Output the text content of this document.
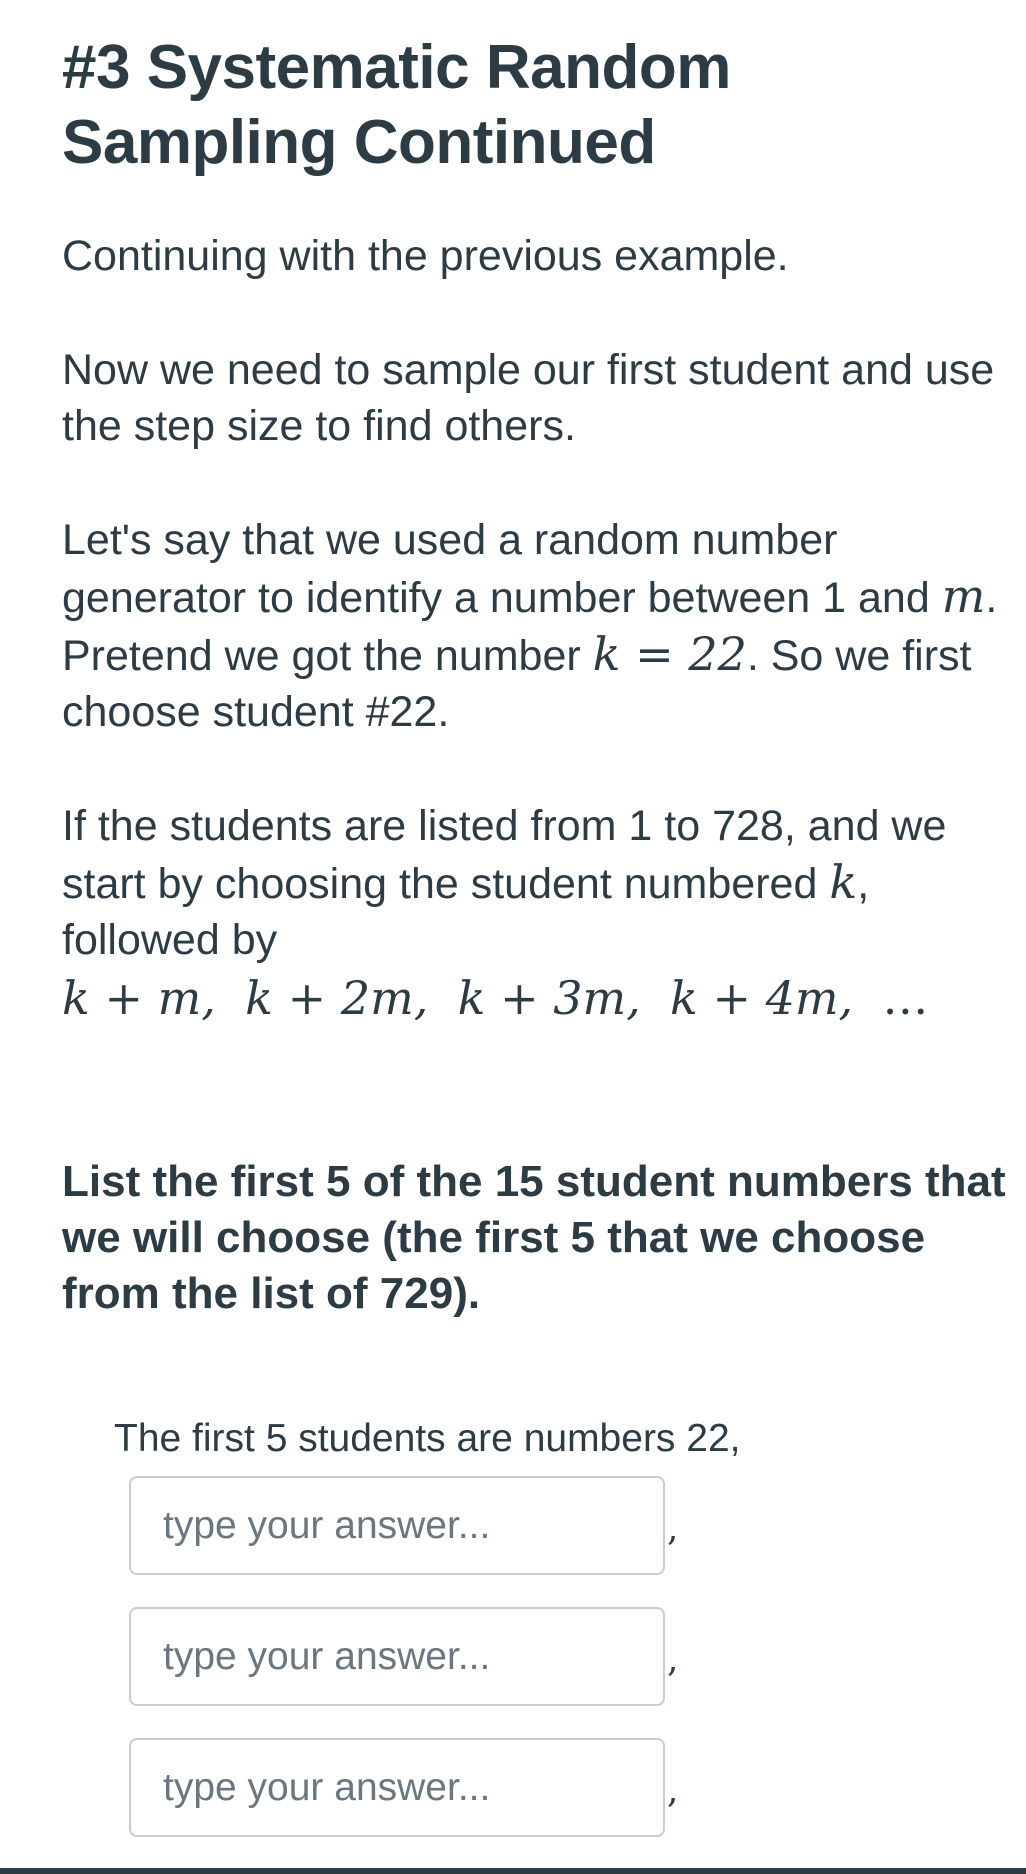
#3 Systematic Random Sampling Continued

Continuing with the previous example.

Now we need to sample our first student and use the step size to find others.

Let's say that we used a random number generator to identify a number between 1 and m. Pretend we got the number k = 22. So we first choose student #22.

If the students are listed from 1 to 728, and we start by choosing the student numbered k, followed by

k + m, k + 2m, k + 3m, k + 4m, …
List the first 5 of the 15 student numbers that we will choose (the first 5 that we choose from the list of 729).
The first 5 students are numbers 22,
type your answer...
,
type your answer...
,
type your answer...
,
